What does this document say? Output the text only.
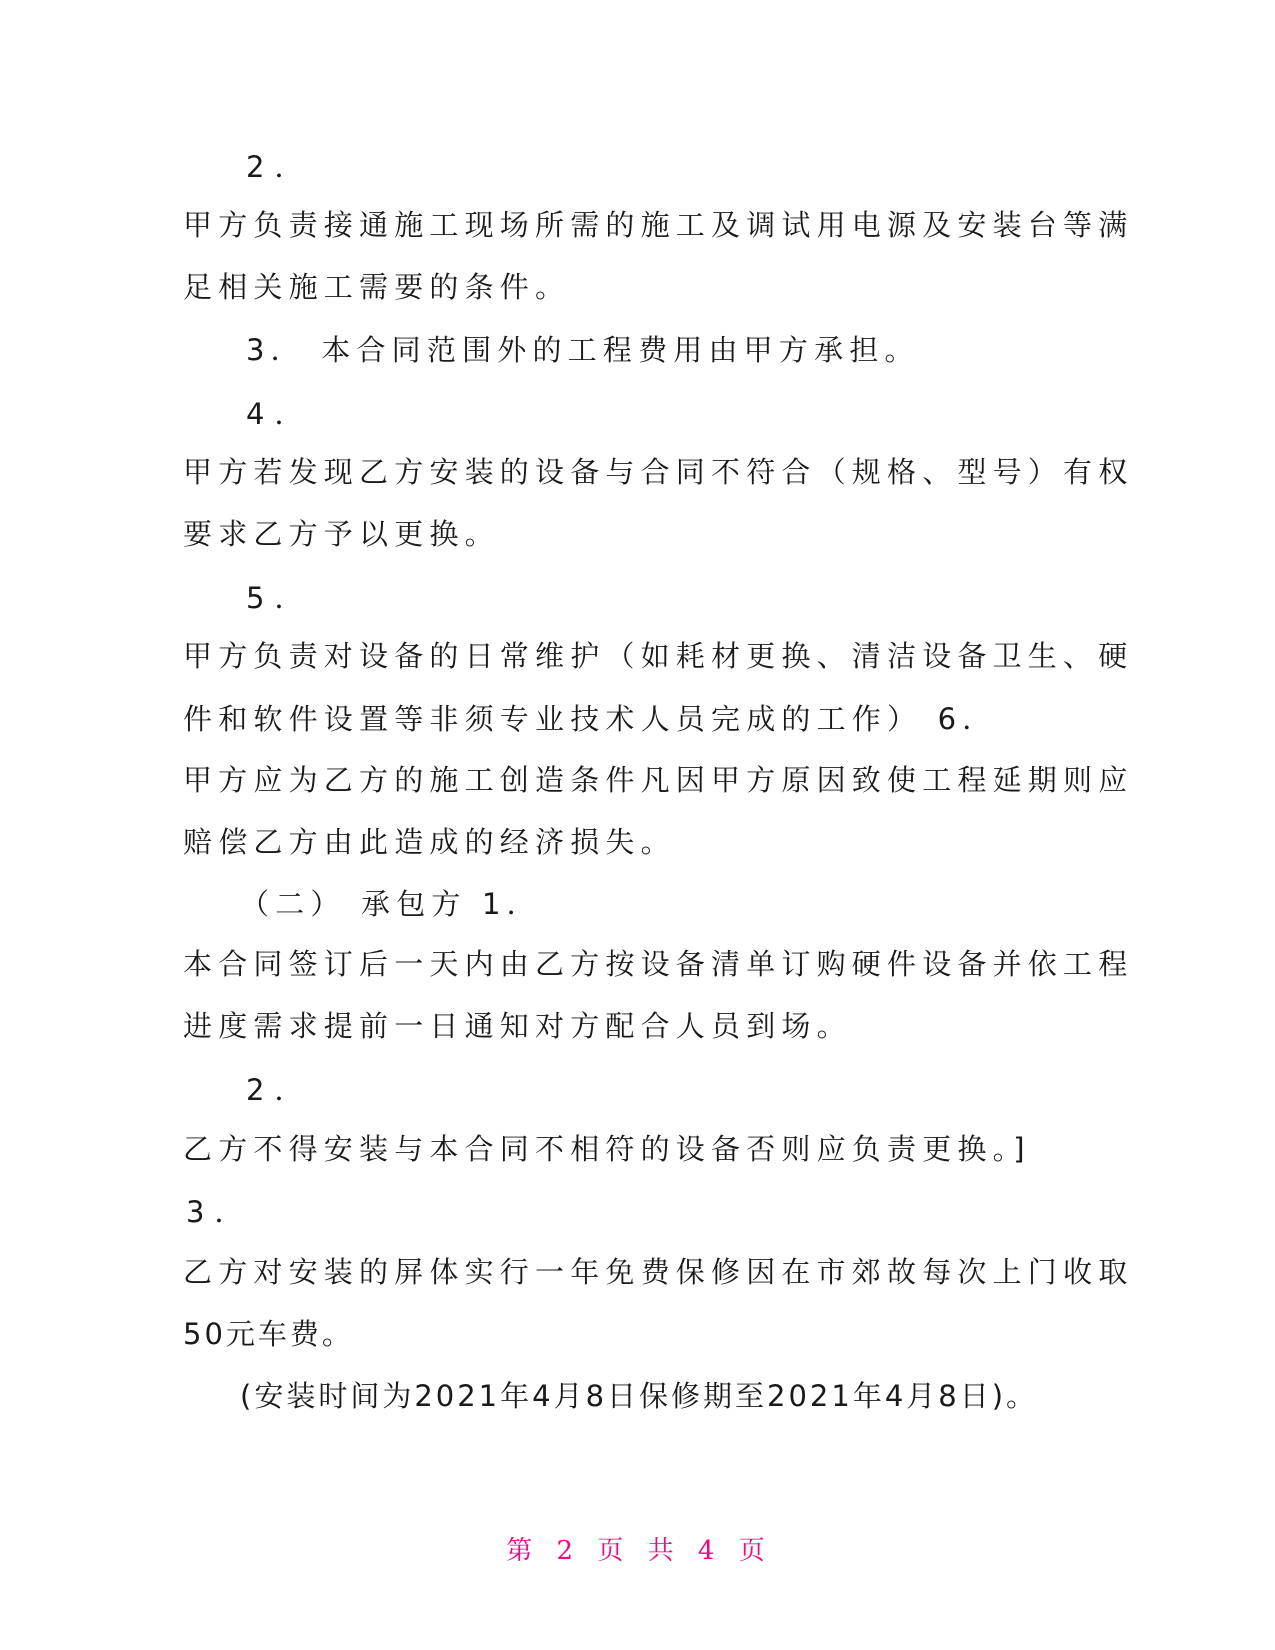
2．
甲方负责接通施工现场所需的施工及调试用电源及安装台等满
足相关施工需要的条件。
3． 本合同范围外的工程费用由甲方承担。
4．
甲方若发现乙方安装的设备与合同不符合（规格、型号）有权
要求乙方予以更换。
5．
甲方负责对设备的日常维护（如耗材更换、清洁设备卫生、硬
件和软件设置等非须专业技术人员完成的工作） 6．
甲方应为乙方的施工创造条件凡因甲方原因致使工程延期则应
赔偿乙方由此造成的经济损失。
（二） 承包方 1．
本合同签订后一天内由乙方按设备清单订购硬件设备并依工程
进度需求提前一日通知对方配合人员到场。
2．
乙方不得安装与本合同不相符的设备否则应负责更换。]
3．
乙方对安装的屏体实行一年免费保修因在市郊故每次上门收取
50元车费。
(安装时间为2021年4月8日保修期至2021年4月8日)。
第 2 页 共 4 页
